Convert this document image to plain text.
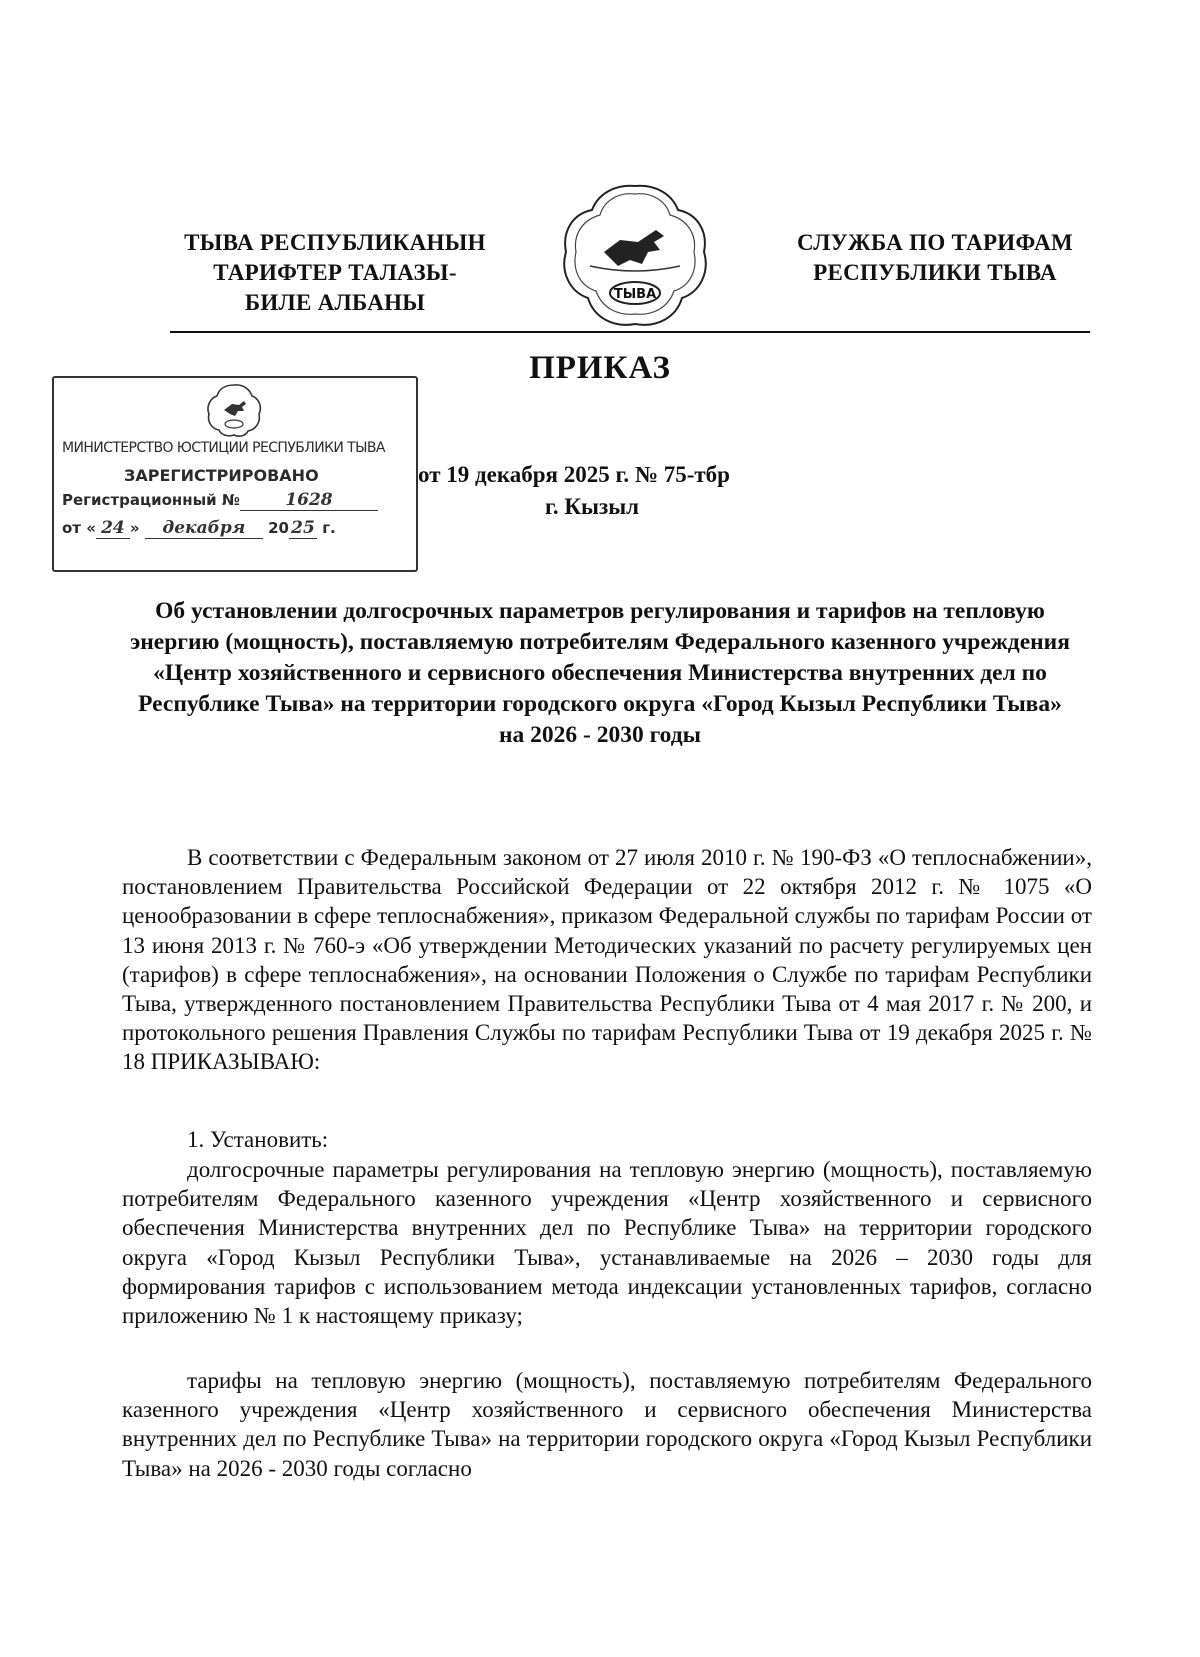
ТЫВА РЕСПУБЛИКАНЫН
ТАРИФТЕР ТАЛАЗЫ-
БИЛЕ АЛБАНЫ	ТЫВА
СЛУЖБА ПО ТАРИФАМ
РЕСПУБЛИКИ ТЫВА
ПРИКАЗ
МИНИСТЕРСТВО ЮСТИЦИИ РЕСПУБЛИКИ ТЫВА
ЗАРЕГИСТРИРОВАНО
Регистрационный №	1628
от « 24 » декабря 20 25 г.
от 19 декабря 2025 г. № 75-тбр
г. Кызыл
Об установлении долгосрочных параметров регулирования и тарифов на тепловую энергию (мощность), поставляемую потребителям Федерального казенного учреждения «Центр хозяйственного и сервисного обеспечения Министерства внутренних дел по Республике Тыва» на территории городского округа «Город Кызыл Республики Тыва» на 2026 - 2030 годы
В соответствии с Федеральным законом от 27 июля 2010 г. № 190-ФЗ «О теплоснабжении», постановлением Правительства Российской Федерации от 22 октября 2012 г. № 1075 «О ценообразовании в сфере теплоснабжения», приказом Федеральной службы по тарифам России от 13 июня 2013 г. № 760-э «Об утверждении Методических указаний по расчету регулируемых цен (тарифов) в сфере теплоснабжения», на основании Положения о Службе по тарифам Республики Тыва, утвержденного постановлением Правительства Республики Тыва от 4 мая 2017 г. № 200, и протокольного решения Правления Службы по тарифам Республики Тыва от 19 декабря 2025 г. № 18 ПРИКАЗЫВАЮ:
1. Установить:
долгосрочные параметры регулирования на тепловую энергию (мощность), поставляемую потребителям Федерального казенного учреждения «Центр хозяйственного и сервисного обеспечения Министерства внутренних дел по Республике Тыва» на территории городского округа «Город Кызыл Республики Тыва», устанавливаемые на 2026 – 2030 годы для формирования тарифов с использованием метода индексации установленных тарифов, согласно приложению № 1 к настоящему приказу;
тарифы на тепловую энергию (мощность), поставляемую потребителям Федерального казенного учреждения «Центр хозяйственного и сервисного обеспечения Министерства внутренних дел по Республике Тыва» на территории городского округа «Город Кызыл Республики Тыва» на 2026 - 2030 годы согласно
